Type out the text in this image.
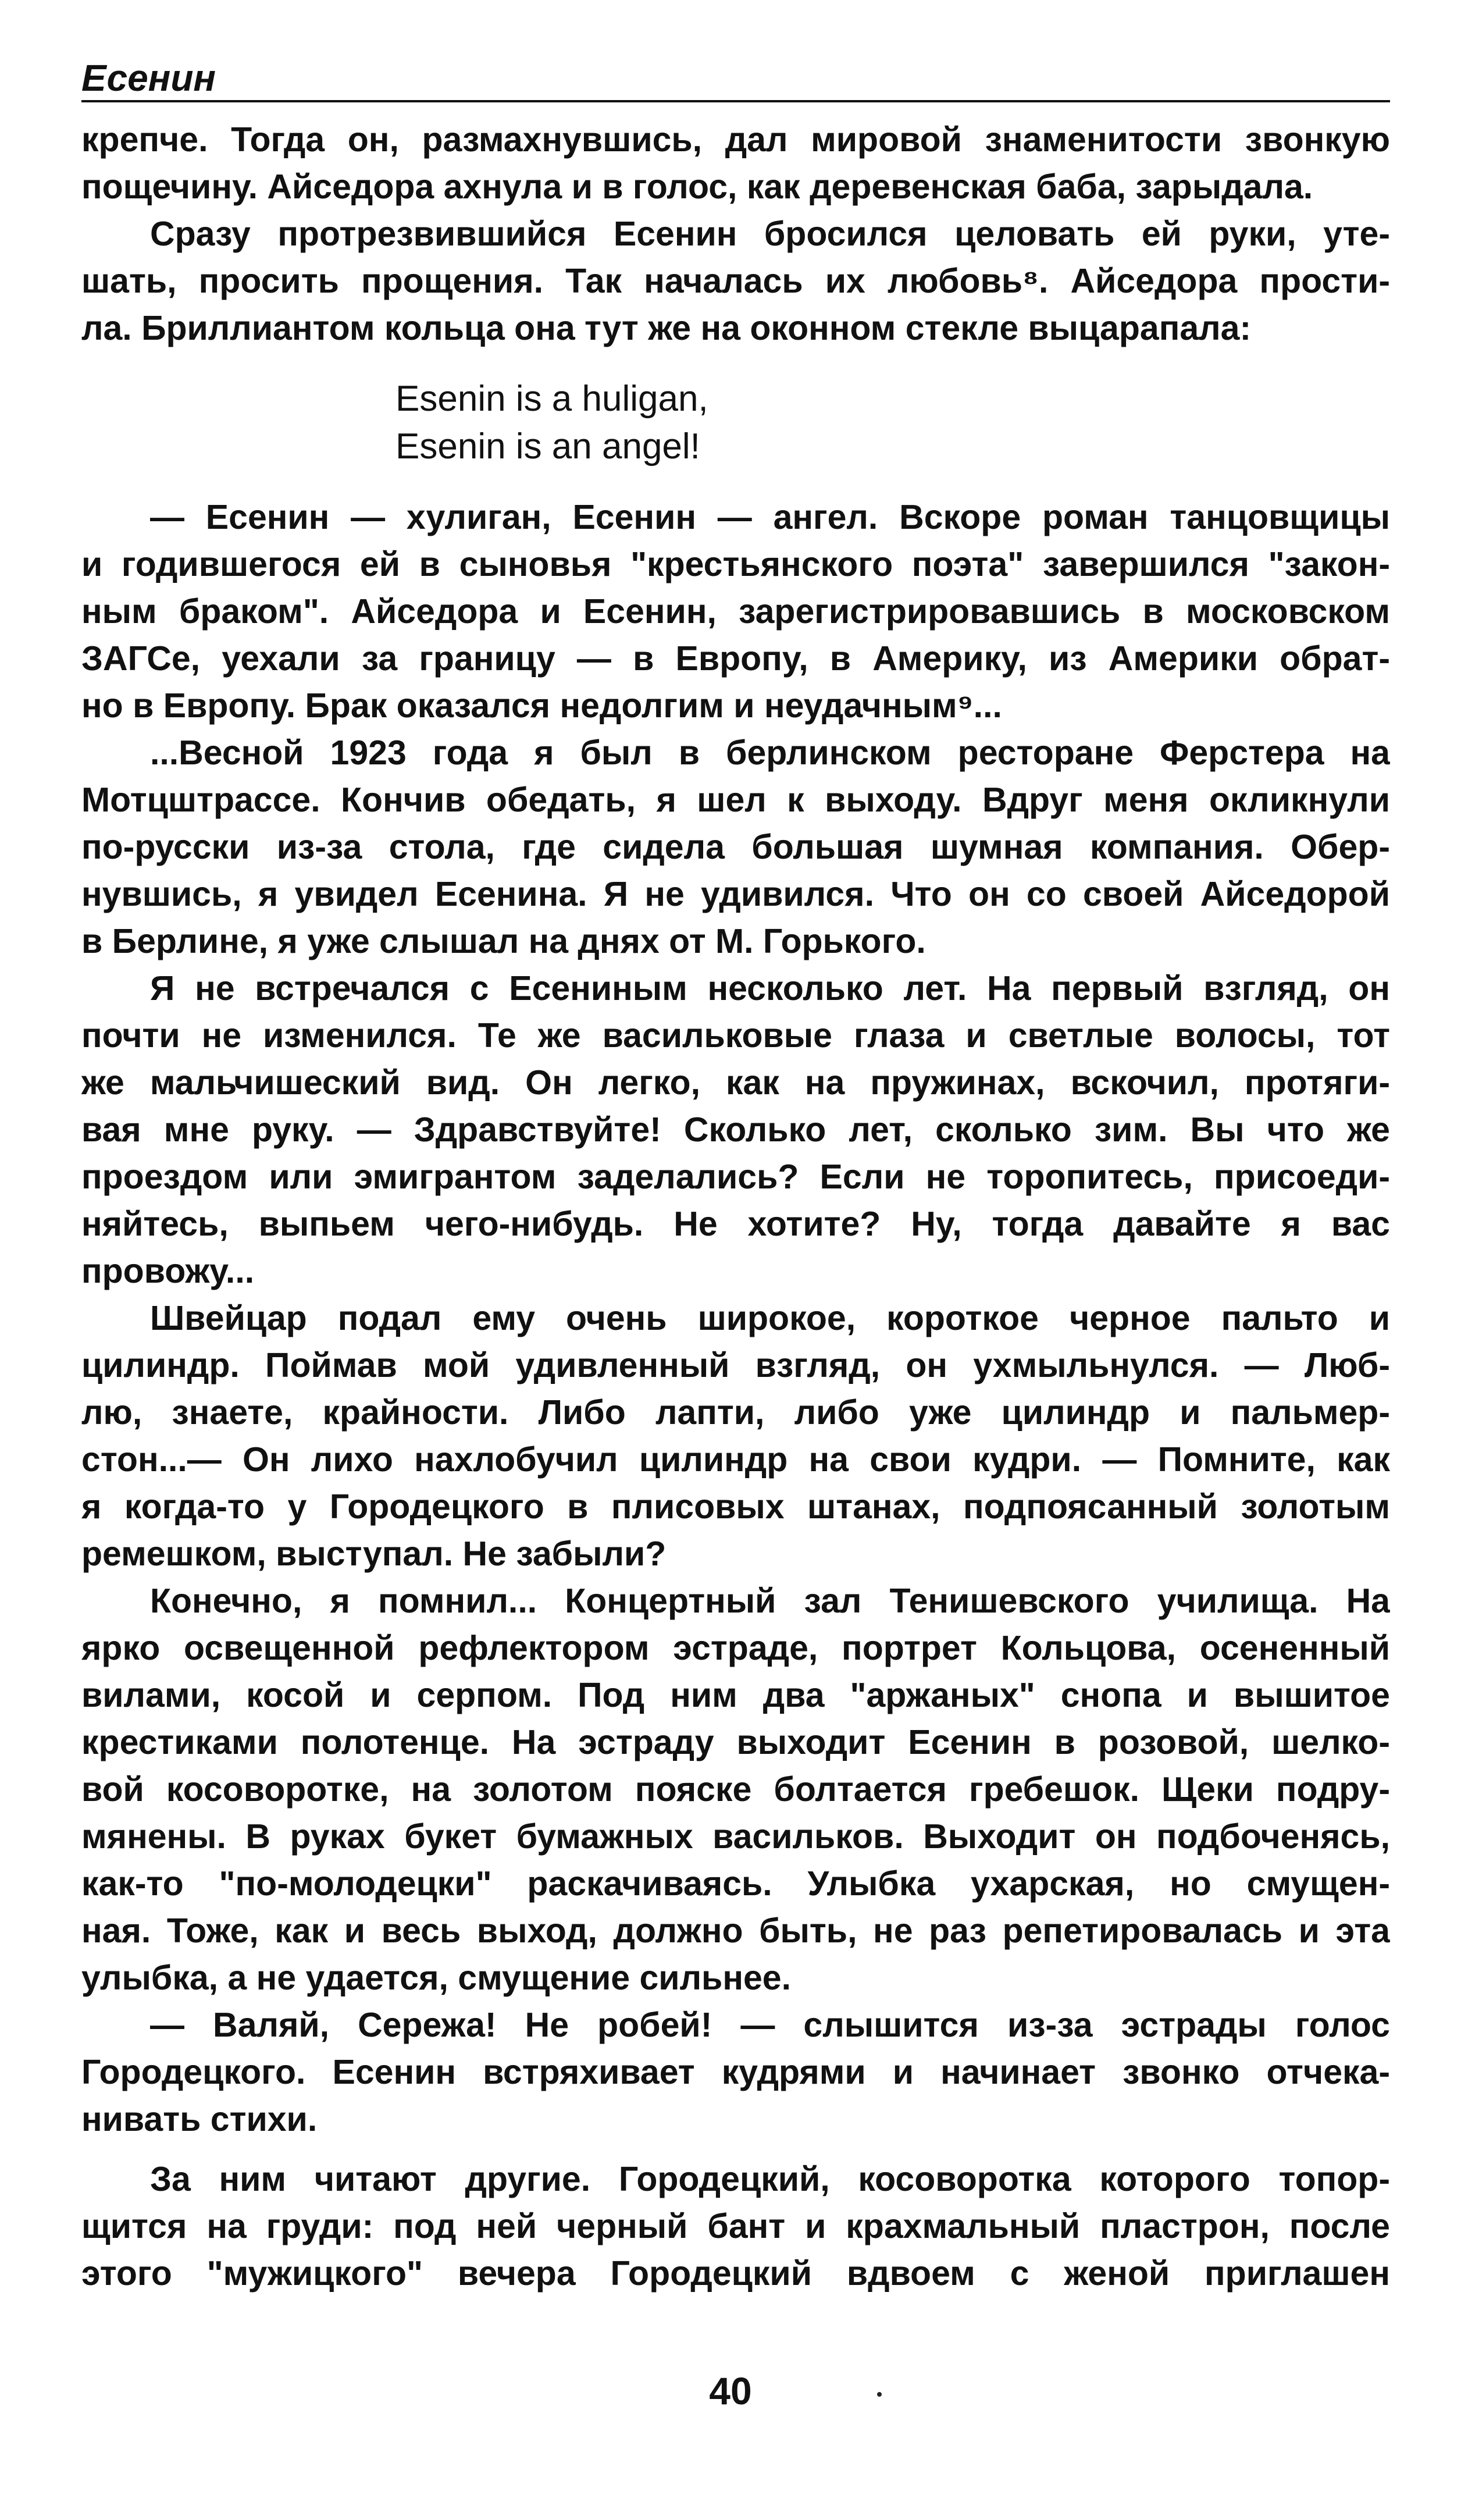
Есенин
крепче. Тогда он, размахнувшись, дал мировой знаменитости звонкую
пощечину. Айседора ахнула и в голос, как деревенская баба, зарыдала.
Сразу протрезвившийся Есенин бросился целовать ей руки, уте-
шать, просить прощения. Так началась их любовь⁸. Айседора прости-
ла. Бриллиантом кольца она тут же на оконном стекле выцарапала:
Esenin is a huligan,
Esenin is an angel!
— Есенин — хулиган, Есенин — ангел. Вскоре роман танцовщицы
и годившегося ей в сыновья "крестьянского поэта" завершился "закон-
ным браком". Айседора и Есенин, зарегистрировавшись в московском
ЗАГСе, уехали за границу — в Европу, в Америку, из Америки обрат-
но в Европу. Брак оказался недолгим и неудачным⁹...
...Весной 1923 года я был в берлинском ресторане Ферстера на
Мотцштрассе. Кончив обедать, я шел к выходу. Вдруг меня окликнули
по-русски из-за стола, где сидела большая шумная компания. Обер-
нувшись, я увидел Есенина. Я не удивился. Что он со своей Айседорой
в Берлине, я уже слышал на днях от М. Горького.
Я не встречался с Есениным несколько лет. На первый взгляд, он
почти не изменился. Те же васильковые глаза и светлые волосы, тот
же мальчишеский вид. Он легко, как на пружинах, вскочил, протяги-
вая мне руку. — Здравствуйте! Сколько лет, сколько зим. Вы что же
проездом или эмигрантом заделались? Если не торопитесь, присоеди-
няйтесь, выпьем чего-нибудь. Не хотите? Ну, тогда давайте я вас
провожу...
Швейцар подал ему очень широкое, короткое черное пальто и
цилиндр. Поймав мой удивленный взгляд, он ухмыльнулся. — Люб-
лю, знаете, крайности. Либо лапти, либо уже цилиндр и пальмер-
стон...— Он лихо нахлобучил цилиндр на свои кудри. — Помните, как
я когда-то у Городецкого в плисовых штанах, подпоясанный золотым
ремешком, выступал. Не забыли?
Конечно, я помнил... Концертный зал Тенишевского училища. На
ярко освещенной рефлектором эстраде, портрет Кольцова, осененный
вилами, косой и серпом. Под ним два "аржаных" снопа и вышитое
крестиками полотенце. На эстраду выходит Есенин в розовой, шелко-
вой косоворотке, на золотом пояске болтается гребешок. Щеки подру-
мянены. В руках букет бумажных васильков. Выходит он подбоченясь,
как-то "по-молодецки" раскачиваясь. Улыбка ухарская, но смущен-
ная. Тоже, как и весь выход, должно быть, не раз репетировалась и эта
улыбка, а не удается, смущение сильнее.
— Валяй, Сережа! Не робей! — слышится из-за эстрады голос
Городецкого. Есенин встряхивает кудрями и начинает звонко отчека-
нивать стихи.
За ним читают другие. Городецкий, косоворотка которого топор-
щится на груди: под ней черный бант и крахмальный пластрон, после
этого "мужицкого" вечера Городецкий вдвоем с женой приглашен
40
